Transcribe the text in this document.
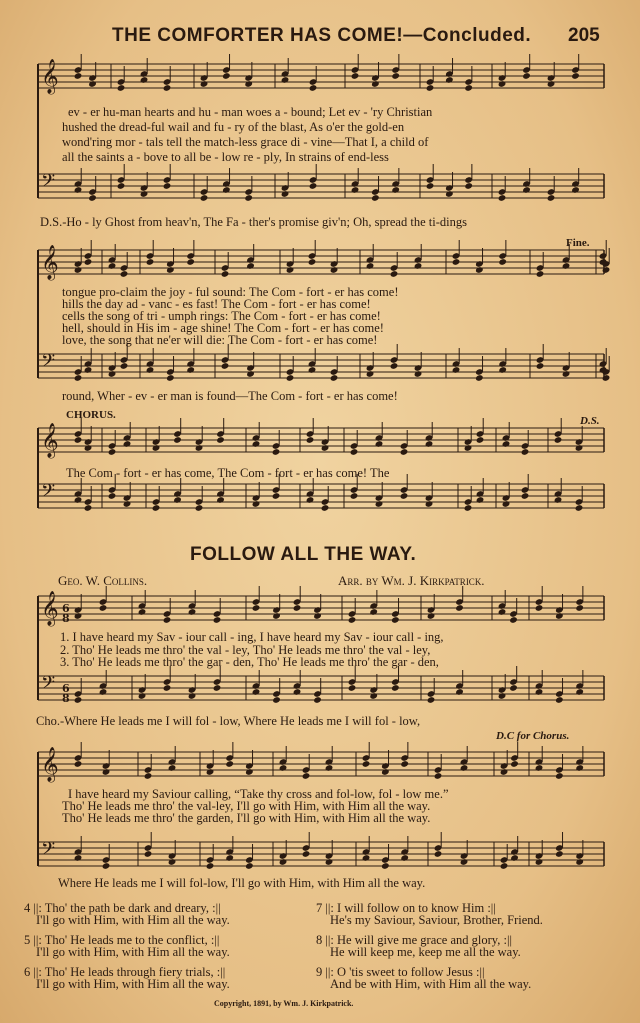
THE COMFORTER HAS COME!—Concluded. 205
𝄞
𝄢
𝄞
𝄢
𝄞
𝄢
𝄞
𝄢
𝄞
𝄢
6
8
6
8
ev - er hu-man hearts and hu - man woes a - bound; Let ev - 'ry Christian
hushed the dread-ful wail and fu - ry of the blast, As o'er the gold-en
wond'ring mor - tals tell the match-less grace di - vine—That I, a child of
all the saints a - bove to all be - low re - ply, In strains of end-less
D.S.-Ho - ly Ghost from heav'n, The Fa - ther's promise giv'n; Oh, spread the ti-dings
Fine.
tongue pro-claim the joy - ful sound: The Com - fort - er has come!
hills the day ad - vanc - es fast! The Com - fort - er has come!
cells the song of tri - umph rings: The Com - fort - er has come!
hell, should in His im - age shine! The Com - fort - er has come!
love, the song that ne'er will die: The Com - fort - er has come!
round, Wher - ev - er man is found—The Com - fort - er has come!
CHORUS.	D.S.
The Com - fort - er has come, The Com - fort - er has come! The
FOLLOW ALL THE WAY.
Geo. W. Collins.	Arr. by Wm. J. Kirkpatrick.
1. I have heard my Sav - iour call - ing, I have heard my Sav - iour call - ing,
2. Tho' He leads me thro' the val - ley, Tho' He leads me thro' the val - ley,
3. Tho' He leads me thro' the gar - den, Tho' He leads me thro' the gar - den,
Cho.-Where He leads me I will fol - low, Where He leads me I will fol - low,
D.C for Chorus.
I have heard my Saviour calling, “Take thy cross and fol-low, fol - low me.”
Tho' He leads me thro' the val-ley, I'll go with Him, with Him all the way.
Tho' He leads me thro' the garden, I'll go with Him, with Him all the way.
Where He leads me I will fol-low, I'll go with Him, with Him all the way.
4 ||: Tho' the path be dark and dreary, :||
I'll go with Him, with Him all the way.
5 ||: Tho' He leads me to the conflict, :||
I'll go with Him, with Him all the way.
6 ||: Tho' He leads through fiery trials, :||
I'll go with Him, with Him all the way.
7 ||: I will follow on to know Him :||
He's my Saviour, Saviour, Brother, Friend.
8 ||: He will give me grace and glory, :||
He will keep me, keep me all the way.
9 ||: O 'tis sweet to follow Jesus :||
And be with Him, with Him all the way.
Copyright, 1891, by Wm. J. Kirkpatrick.
